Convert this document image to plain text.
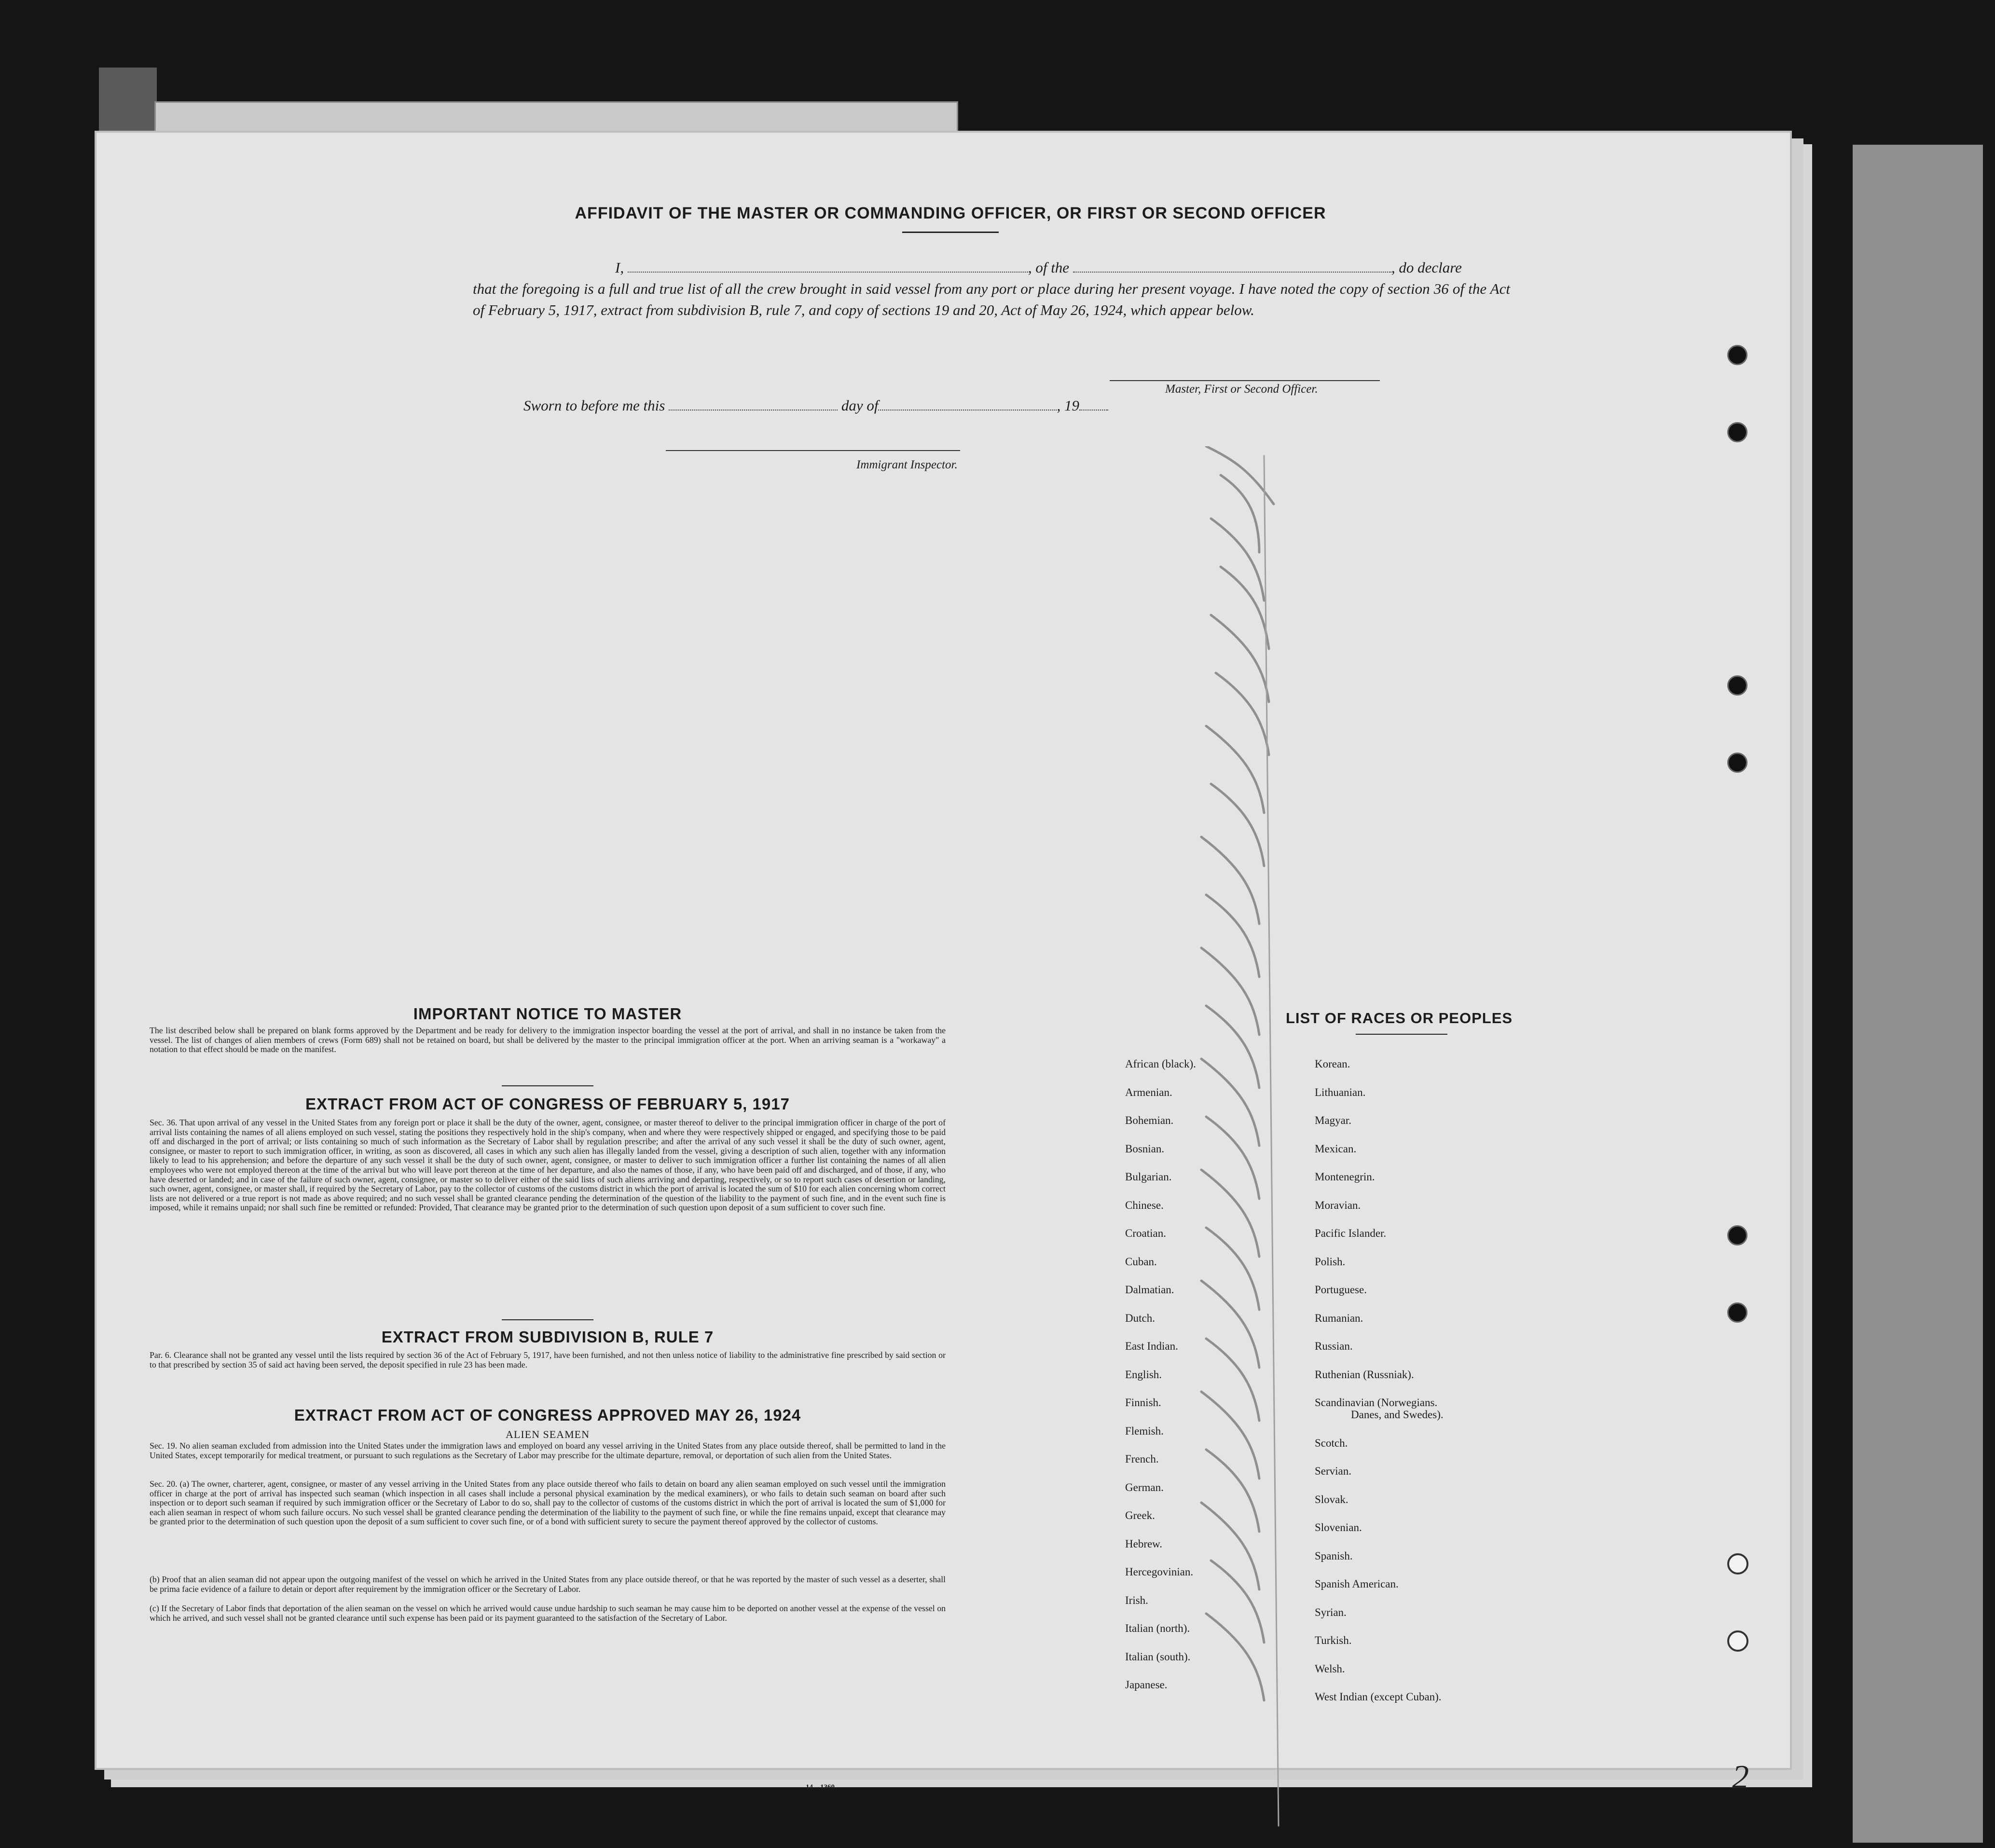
AFFIDAVIT OF THE MASTER OR COMMANDING OFFICER, OR FIRST OR SECOND OFFICER
I,	, of the	, do declare
that the foregoing is a full and true list of all the crew brought in said vessel from any port or place during her present voyage. I have noted the copy of section 36 of the Act of February 5, 1917, extract from subdivision B, rule 7, and copy of sections 19 and 20, Act of May 26, 1924, which appear below.
Master, First or Second Officer.
Sworn to before me this	day of	, 19
Immigrant Inspector.
IMPORTANT NOTICE TO MASTER

The list described below shall be prepared on blank forms approved by the Department and be ready for delivery to the immigration inspector boarding the vessel at the port of arrival, and shall in no instance be taken from the vessel. The list of changes of alien members of crews (Form 689) shall not be retained on board, but shall be delivered by the master to the principal immigration officer at the port. When an arriving seaman is a "workaway" a notation to that effect should be made on the manifest.

EXTRACT FROM ACT OF CONGRESS OF FEBRUARY 5, 1917

Sec. 36. That upon arrival of any vessel in the United States from any foreign port or place it shall be the duty of the owner, agent, consignee, or master thereof to deliver to the principal immigration officer in charge of the port of arrival lists containing the names of all aliens employed on such vessel, stating the positions they respectively hold in the ship's company, when and where they were respectively shipped or engaged, and specifying those to be paid off and discharged in the port of arrival; or lists containing so much of such information as the Secretary of Labor shall by regulation prescribe; and after the arrival of any such vessel it shall be the duty of such owner, agent, consignee, or master to report to such immigration officer, in writing, as soon as discovered, all cases in which any such alien has illegally landed from the vessel, giving a description of such alien, together with any information likely to lead to his apprehension; and before the departure of any such vessel it shall be the duty of such owner, agent, consignee, or master to deliver to such immigration officer a further list containing the names of all alien employees who were not employed thereon at the time of the arrival but who will leave port thereon at the time of her departure, and also the names of those, if any, who have been paid off and discharged, and of those, if any, who have deserted or landed; and in case of the failure of such owner, agent, consignee, or master so to deliver either of the said lists of such aliens arriving and departing, respectively, or so to report such cases of desertion or landing, such owner, agent, consignee, or master shall, if required by the Secretary of Labor, pay to the collector of customs of the customs district in which the port of arrival is located the sum of $10 for each alien concerning whom correct lists are not delivered or a true report is not made as above required; and no such vessel shall be granted clearance pending the determination of the question of the liability to the payment of such fine, and in the event such fine is imposed, while it remains unpaid; nor shall such fine be remitted or refunded: Provided, That clearance may be granted prior to the determination of such question upon deposit of a sum sufficient to cover such fine.

EXTRACT FROM SUBDIVISION B, RULE 7

Par. 6. Clearance shall not be granted any vessel until the lists required by section 36 of the Act of February 5, 1917, have been furnished, and not then unless notice of liability to the administrative fine prescribed by said section or to that prescribed by section 35 of said act having been served, the deposit specified in rule 23 has been made.

EXTRACT FROM ACT OF CONGRESS APPROVED MAY 26, 1924
ALIEN SEAMEN

Sec. 19. No alien seaman excluded from admission into the United States under the immigration laws and employed on board any vessel arriving in the United States from any place outside thereof, shall be permitted to land in the United States, except temporarily for medical treatment, or pursuant to such regulations as the Secretary of Labor may prescribe for the ultimate departure, removal, or deportation of such alien from the United States.

Sec. 20. (a) The owner, charterer, agent, consignee, or master of any vessel arriving in the United States from any place outside thereof who fails to detain on board any alien seaman employed on such vessel until the immigration officer in charge at the port of arrival has inspected such seaman (which inspection in all cases shall include a personal physical examination by the medical examiners), or who fails to detain such seaman on board after such inspection or to deport such seaman if required by such immigration officer or the Secretary of Labor to do so, shall pay to the collector of customs of the customs district in which the port of arrival is located the sum of $1,000 for each alien seaman in respect of whom such failure occurs. No such vessel shall be granted clearance pending the determination of the liability to the payment of such fine, or while the fine remains unpaid, except that clearance may be granted prior to the determination of such question upon the deposit of a sum sufficient to cover such fine, or of a bond with sufficient surety to secure the payment thereof approved by the collector of customs.

(b) Proof that an alien seaman did not appear upon the outgoing manifest of the vessel on which he arrived in the United States from any place outside thereof, or that he was reported by the master of such vessel as a deserter, shall be prima facie evidence of a failure to detain or deport after requirement by the immigration officer or the Secretary of Labor.

(c) If the Secretary of Labor finds that deportation of the alien seaman on the vessel on which he arrived would cause undue hardship to such seaman he may cause him to be deported on another vessel at the expense of the vessel on which he arrived, and such vessel shall not be granted clearance until such expense has been paid or its payment guaranteed to the satisfaction of the Secretary of Labor.

14—1360
LIST OF RACES OR PEOPLES
African (black).
Armenian.
Bohemian.
Bosnian.
Bulgarian.
Chinese.
Croatian.
Cuban.
Dalmatian.
Dutch.
East Indian.
English.
Finnish.
Flemish.
French.
German.
Greek.
Hebrew.
Hercegovinian.
Irish.
Italian (north).
Italian (south).
Japanese.
Korean.
Lithuanian.
Magyar.
Mexican.
Montenegrin.
Moravian.
Pacific Islander.
Polish.
Portuguese.
Rumanian.
Russian.
Ruthenian (Russniak).
Scandinavian (Norwegians.
Danes, and Swedes).
Scotch.
Servian.
Slovak.
Slovenian.
Spanish.
Spanish American.
Syrian.
Turkish.
Welsh.
West Indian (except Cuban).
2
